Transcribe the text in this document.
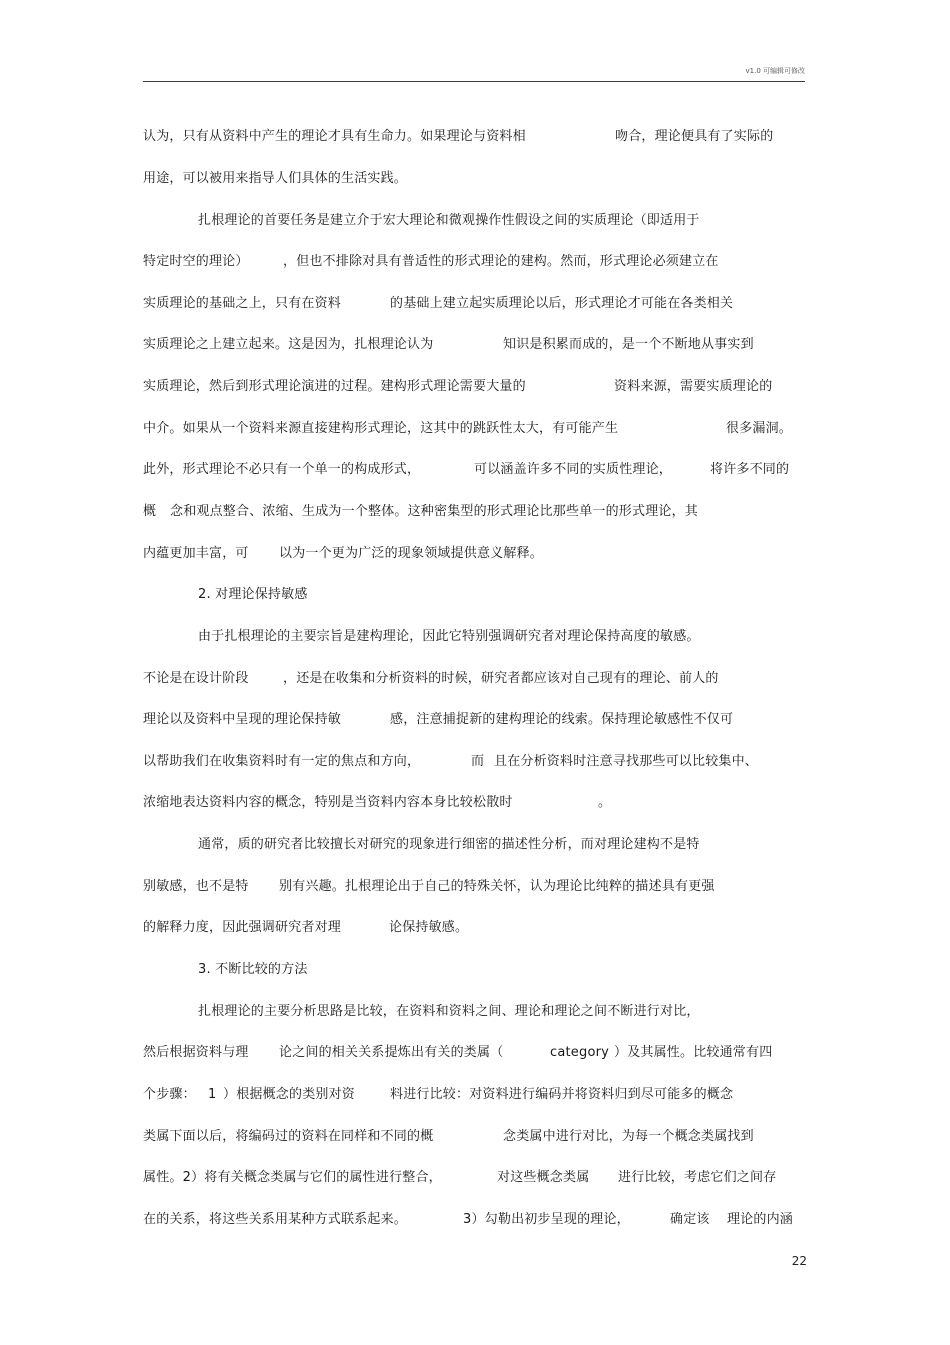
v1.0 可编辑可修改
认为，只有从资料中产生的理论才具有生命力。如果理论与资料相	吻合，理论便具有了实际的
用途，可以被用来指导人们具体的生活实践。
扎根理论的首要任务是建立介于宏大理论和微观操作性假设之间的实质理论（即适用于
特定时空的理论）	，但也不排除对具有普适性的形式理论的建构。然而，形式理论必须建立在
实质理论的基础之上，只有在资料	的基础上建立起实质理论以后，形式理论才可能在各类相关
实质理论之上建立起来。这是因为，扎根理论认为	知识是积累而成的，是一个不断地从事实到
实质理论，然后到形式理论演进的过程。建构形式理论需要大量的	资料来源，需要实质理论的
中介。如果从一个资料来源直接建构形式理论，这其中的跳跃性太大，有可能产生	很多漏洞。
此外，形式理论不必只有一个单一的构成形式，	可以涵盖许多不同的实质性理论，	将许多不同的
概 念和观点整合、浓缩、生成为一个整体。这种密集型的形式理论比那些单一的形式理论，其
内蕴更加丰富，可 以为一个更为广泛的现象领域提供意义解释。
2. 对理论保持敏感
由于扎根理论的主要宗旨是建构理论，因此它特别强调研究者对理论保持高度的敏感。
不论是在设计阶段	，还是在收集和分析资料的时候，研究者都应该对自己现有的理论、前人的
理论以及资料中呈现的理论保持敏	感，注意捕捉新的建构理论的线索。保持理论敏感性不仅可
以帮助我们在收集资料时有一定的焦点和方向，	而 且在分析资料时注意寻找那些可以比较集中、
浓缩地表达资料内容的概念，特别是当资料内容本身比较松散时	。
通常，质的研究者比较擅长对研究的现象进行细密的描述性分析，而对理论建构不是特
别敏感，也不是特 别有兴趣。扎根理论出于自己的特殊关怀，认为理论比纯粹的描述具有更强
的解释力度，因此强调研究者对理	论保持敏感。
3. 不断比较的方法
扎根理论的主要分析思路是比较，在资料和资料之间、理论和理论之间不断进行对比，
然后根据资料与理 论之间的相关关系提炼出有关的类属（	category ）及其属性。比较通常有四
个步骤： 1 ）根据概念的类别对资	料进行比较：对资料进行编码并将资料归到尽可能多的概念
类属下面以后，将编码过的资料在同样和不同的概	念类属中进行对比，为每一个概念类属找到
属性。2）将有关概念类属与它们的属性进行整合，	对这些概念类属 进行比较，考虑它们之间存
在的关系，将这些关系用某种方式联系起来。	3）勾勒出初步呈现的理论，	确定该 理论的内涵
22
